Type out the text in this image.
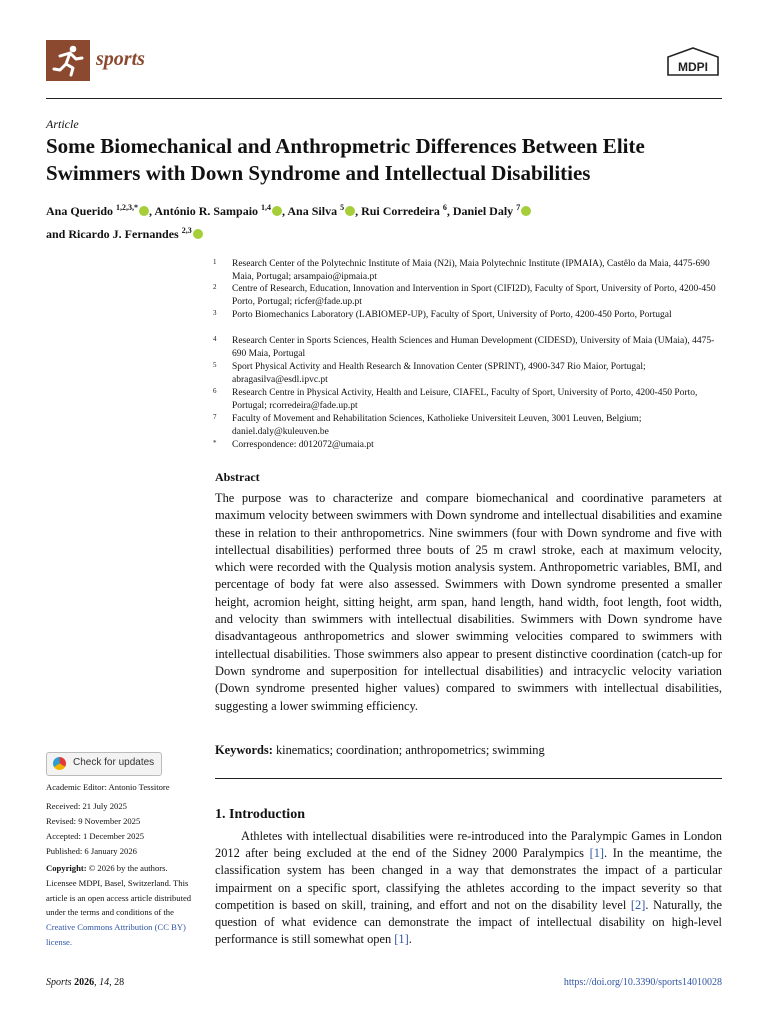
sports	MDPI
Article
Some Biomechanical and Anthropmetric Differences Between Elite Swimmers with Down Syndrome and Intellectual Disabilities
Ana Querido $^{1,2,3,*}$ , António R. Sampaio $^{1,4}$ , Ana Silva $^5$ , Rui Corredeira $^6$, Daniel Daly $^7$
and Ricardo J. Fernandes $^{2,3}$
1 Research Center of the Polytechnic Institute of Maia (N2i), Maia Polytechnic Institute (IPMAIA), Castêlo da Maia, 4475-690 Maia, Portugal; arsampaio@ipmaia.pt
2 Centre of Research, Education, Innovation and Intervention in Sport (CIFI2D), Faculty of Sport, University of Porto, 4200-450 Porto, Portugal; ricfer@fade.up.pt
3 Porto Biomechanics Laboratory (LABIOMEP-UP), Faculty of Sport, University of Porto, 4200-450 Porto, Portugal
4 Research Center in Sports Sciences, Health Sciences and Human Development (CIDESD), University of Maia (UMaia), 4475-690 Maia, Portugal
5 Sport Physical Activity and Health Research & Innovation Center (SPRINT), 4900-347 Rio Maior, Portugal; abragasilva@esdl.ipvc.pt
6 Research Centre in Physical Activity, Health and Leisure, CIAFEL, Faculty of Sport, University of Porto, 4200-450 Porto, Portugal; rcorredeira@fade.up.pt
7 Faculty of Movement and Rehabilitation Sciences, Katholieke Universiteit Leuven, 3001 Leuven, Belgium; daniel.daly@kuleuven.be
* Correspondence: d012072@umaia.pt
Abstract
The purpose was to characterize and compare biomechanical and coordinative parameters at maximum velocity between swimmers with Down syndrome and intellectual disabilities and examine these in relation to their anthropometrics. Nine swimmers (four with Down syndrome and five with intellectual disabilities) performed three bouts of 25 m crawl stroke, each at maximum velocity, which were recorded with the Qualysis motion analysis system. Anthropometric variables, BMI, and percentage of body fat were also assessed. Swimmers with Down syndrome presented a smaller height, acromion height, sitting height, arm span, hand length, hand width, foot length, foot width, and velocity than swimmers with intellectual disabilities. Swimmers with Down syndrome have disadvantageous anthropometrics and slower swimming velocities compared to swimmers with intellectual disabilities. Those swimmers also appear to present distinctive coordination (catch-up for Down syndrome and superposition for intellectual disabilities) and intracyclic velocity variation (Down syndrome presented higher values) compared to swimmers with intellectual disabilities, suggesting a lower swimming efficiency.
Keywords: kinematics; coordination; anthropometrics; swimming
1. Introduction
Athletes with intellectual disabilities were re-introduced into the Paralympic Games in London 2012 after being excluded at the end of the Sidney 2000 Paralympics [1]. In the meantime, the classification system has been changed in a way that demonstrates the impact of a particular impairment on a specific sport, classifying the athletes according to the impact severity so that competition is based on skill, training, and effort and not on the disability level [2]. Naturally, the question of what evidence can demonstrate the impact of intellectual disability on high-level performance is still somewhat open [1].
Check for updates
Academic Editor: Antonio Tessitore
Received: 21 July 2025
Revised: 9 November 2025
Accepted: 1 December 2025
Published: 6 January 2026
Copyright: © 2026 by the authors. Licensee MDPI, Basel, Switzerland. This article is an open access article distributed under the terms and conditions of the Creative Commons Attribution (CC BY) license.
Sports 2026, 14, 28	https://doi.org/10.3390/sports14010028
